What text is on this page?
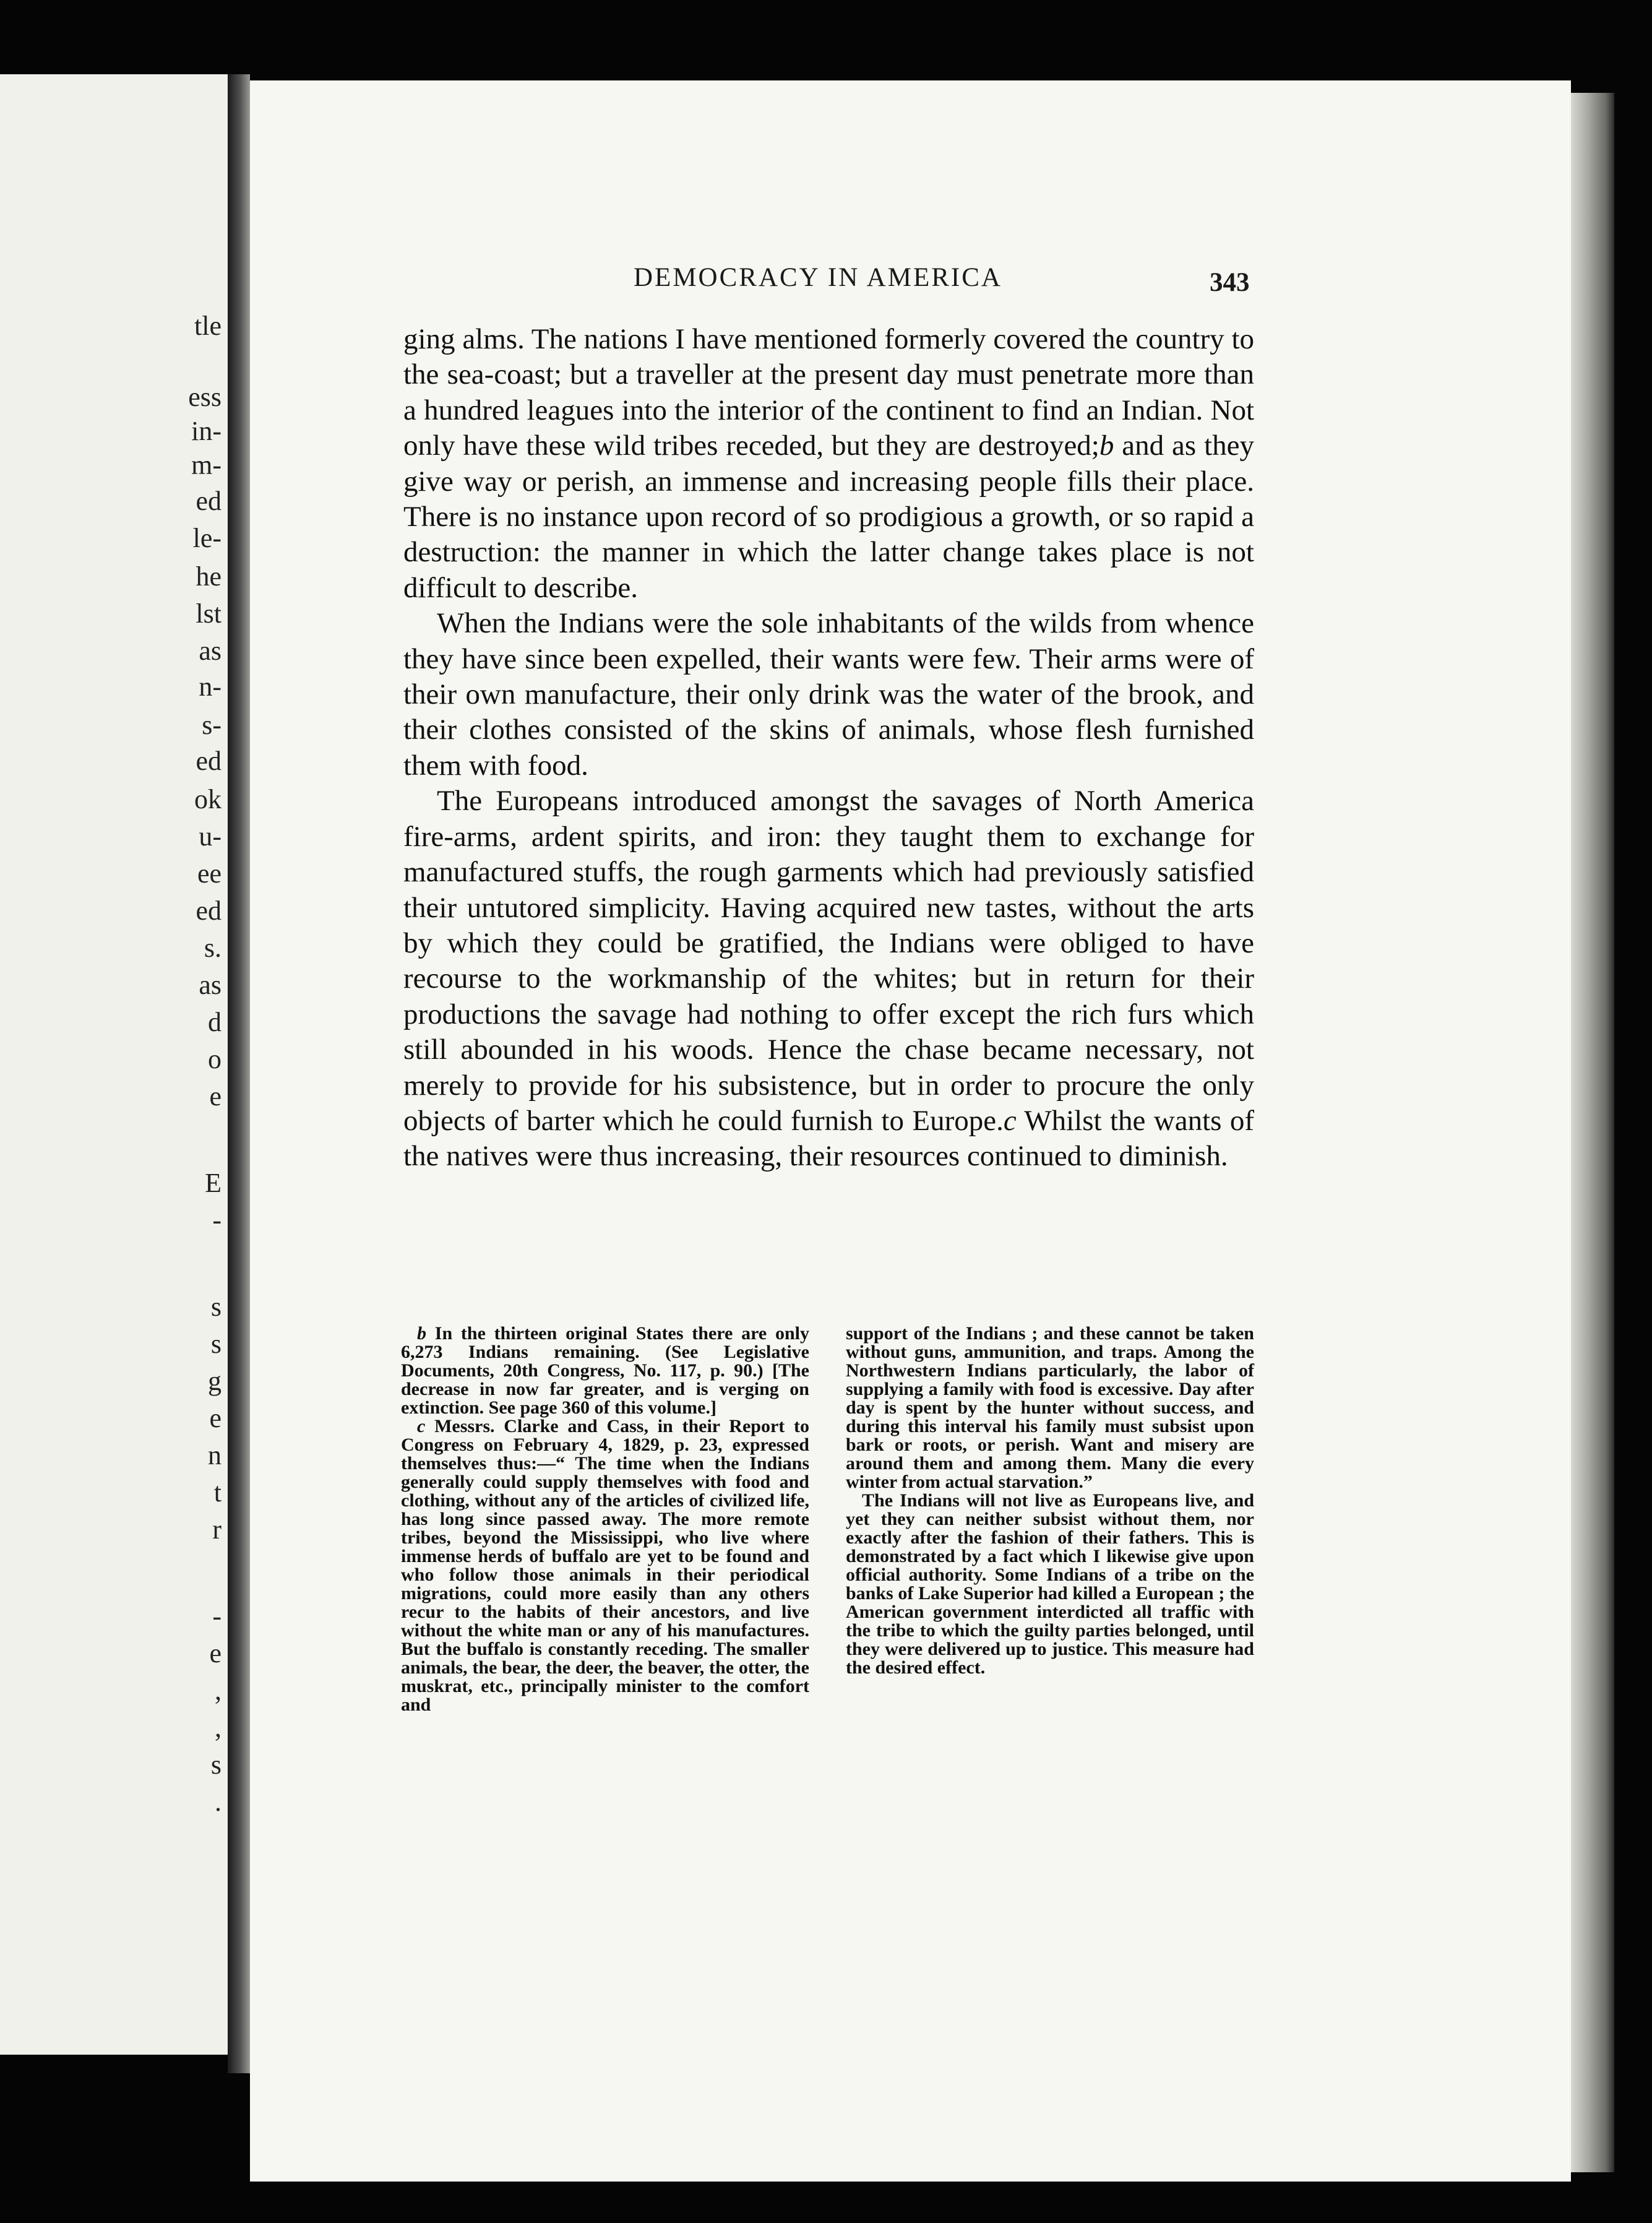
tle
ess
in-
m-
ed
le-
he
lst
as
n-
s-
ed
ok
u-
ee
ed
s.
as
d
o
e
E
-
s
s
g
e
n
t
r
-
e
,
,
s
.
DEMOCRACY IN AMERICA	343

ging alms. The nations I have mentioned formerly covered the country to the sea-coast; but a traveller at the present day must penetrate more than a hundred leagues into the interior of the continent to find an Indian. Not only have these wild tribes receded, but they are destroyed;b and as they give way or perish, an immense and increasing people fills their place. There is no instance upon record of so prodigious a growth, or so rapid a destruction: the manner in which the latter change takes place is not difficult to describe.

When the Indians were the sole inhabitants of the wilds from whence they have since been expelled, their wants were few. Their arms were of their own manufacture, their only drink was the water of the brook, and their clothes consisted of the skins of animals, whose flesh furnished them with food.

The Europeans introduced amongst the savages of North America fire-arms, ardent spirits, and iron: they taught them to exchange for manufactured stuffs, the rough garments which had previously satisfied their untutored simplicity. Having acquired new tastes, without the arts by which they could be gratified, the Indians were obliged to have recourse to the workmanship of the whites; but in return for their productions the savage had nothing to offer except the rich furs which still abounded in his woods. Hence the chase became necessary, not merely to provide for his subsistence, but in order to procure the only objects of barter which he could furnish to Europe.c Whilst the wants of the natives were thus increasing, their resources continued to diminish.

b In the thirteen original States there are only 6,273 Indians remaining. (See Legislative Documents, 20th Congress, No. 117, p. 90.) [The decrease in now far greater, and is verging on extinction. See page 360 of this volume.]

c Messrs. Clarke and Cass, in their Report to Congress on February 4, 1829, p. 23, expressed themselves thus:—“ The time when the Indians generally could supply themselves with food and clothing, without any of the articles of civilized life, has long since passed away. The more remote tribes, beyond the Mississippi, who live where immense herds of buffalo are yet to be found and who follow those animals in their periodical migrations, could more easily than any others recur to the habits of their ancestors, and live without the white man or any of his manufactures. But the buffalo is constantly receding. The smaller animals, the bear, the deer, the beaver, the otter, the muskrat, etc., principally minister to the comfort and

support of the Indians ; and these cannot be taken without guns, ammunition, and traps. Among the Northwestern Indians particularly, the labor of supplying a family with food is excessive. Day after day is spent by the hunter without success, and during this interval his family must subsist upon bark or roots, or perish. Want and misery are around them and among them. Many die every winter from actual starvation.”

The Indians will not live as Europeans live, and yet they can neither subsist without them, nor exactly after the fashion of their fathers. This is demonstrated by a fact which I likewise give upon official authority. Some Indians of a tribe on the banks of Lake Superior had killed a European ; the American government interdicted all traffic with the tribe to which the guilty parties belonged, until they were delivered up to justice. This measure had the desired effect.
